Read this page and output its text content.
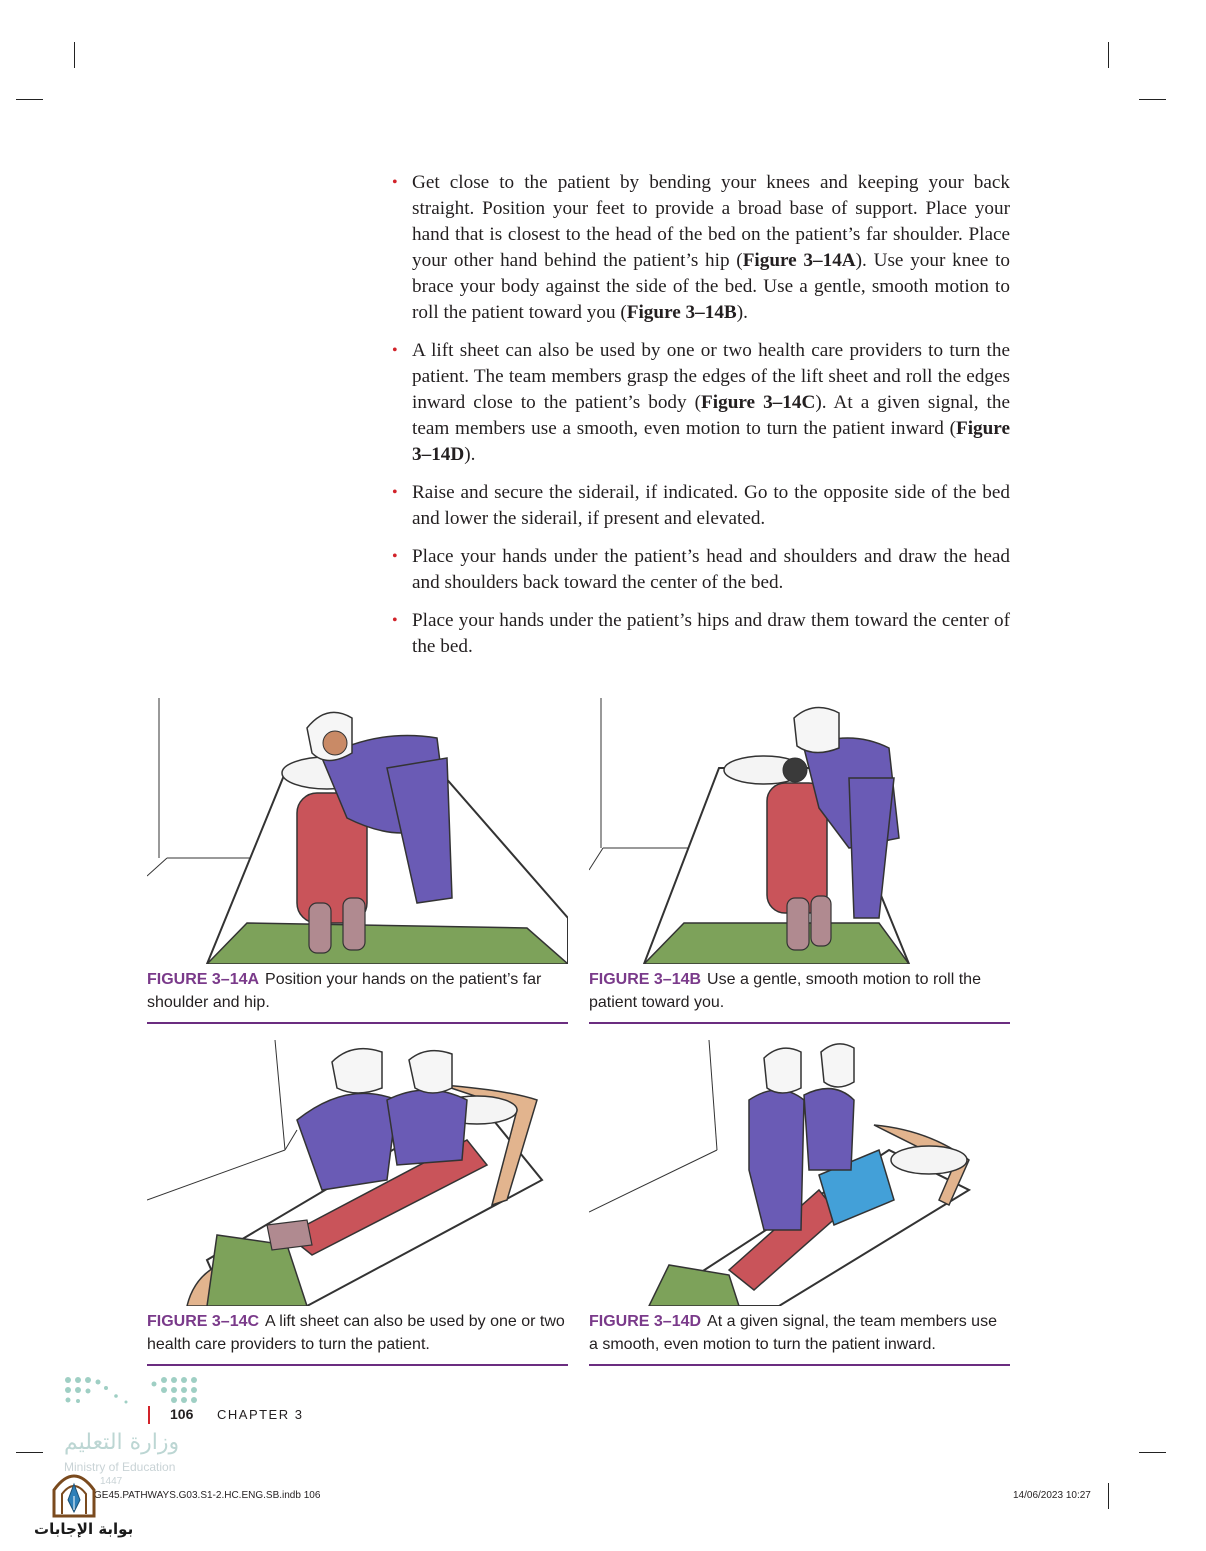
• Get close to the patient by bending your knees and keeping your back straight. Position your feet to provide a broad base of support. Place your hand that is closest to the head of the bed on the patient’s far shoulder. Place your other hand behind the patient’s hip (Figure 3–14A). Use your knee to brace your body against the side of the bed. Use a gentle, smooth motion to roll the patient toward you (Figure 3–14B).
• A lift sheet can also be used by one or two health care providers to turn the patient. The team members grasp the edges of the lift sheet and roll the edges inward close to the patient’s body (Figure 3–14C). At a given signal, the team members use a smooth, even motion to turn the patient inward (Figure 3–14D).
• Raise and secure the siderail, if indicated. Go to the opposite side of the bed and lower the siderail, if present and elevated.
• Place your hands under the patient’s head and shoulders and draw the head and shoulders back toward the center of the bed.
• Place your hands under the patient’s hips and draw them toward the center of the bed.
FIGURE 3–14A Position your hands on the patient’s far shoulder and hip.
FIGURE 3–14B Use a gentle, smooth motion to roll the patient toward you.
FIGURE 3–14C A lift sheet can also be used by one or two health care providers to turn the patient.
FIGURE 3–14D At a given signal, the team members use a smooth, even motion to turn the patient inward.
106 CHAPTER 3
وزارة التعليم
Ministry of Education
1447
GE45.PATHWAYS.G03.S1-2.HC.ENG.SB.indb 106	14/06/2023 10:27
بوابة الإجابات
